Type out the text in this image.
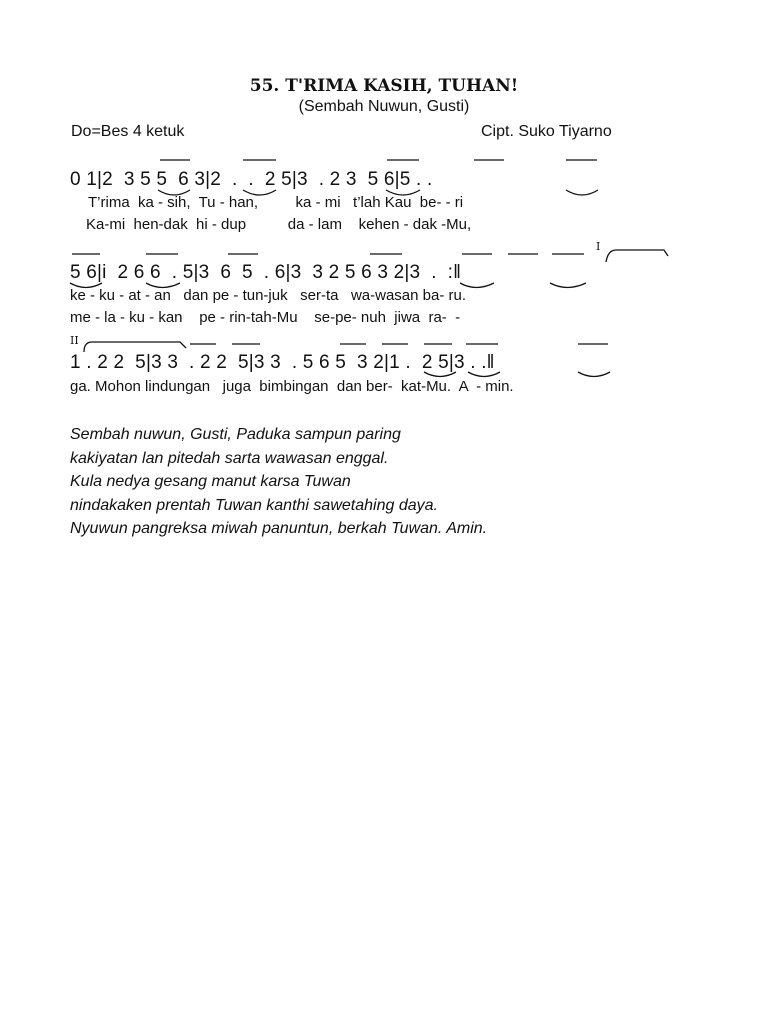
55. T'RIMA KASIH, TUHAN!
(Sembah Nuwun, Gusti)
Do=Bes 4 ketuk	Cipt. Suko Tiyarno
0 1|2  3 5 5  6 3|2  .  .  2 5|3  . 2 3  5 6|5 . .
T’rima  ka - sih,  Tu - han,         ka - mi   t’lah Kau  be- - ri
Ka-mi  hen-dak  hi - dup          da - lam    kehen - dak -Mu,
I
5 6|i  2 6 6  . 5|3  6  5  . 6|3  3 2 5 6 3 2|3  .  :‖
ke - ku - at - an   dan pe - tun-juk   ser-ta   wa-wasan ba- ru.
me - la - ku - kan    pe - rin-tah-Mu    se-pe- nuh  jiwa  ra-  -
II
1 . 2 2  5|3 3  . 2 2  5|3 3  . 5 6 5  3 2|1 .  2 5|3 . .‖
ga. Mohon lindungan   juga  bimbingan  dan ber-  kat-Mu.  A  - min.
Sembah nuwun, Gusti, Paduka sampun paring
kakiyatan lan pitedah sarta wawasan enggal.
Kula nedya gesang manut karsa Tuwan
nindakaken prentah Tuwan kanthi sawetahing daya.
Nyuwun pangreksa miwah panuntun, berkah Tuwan. Amin.
